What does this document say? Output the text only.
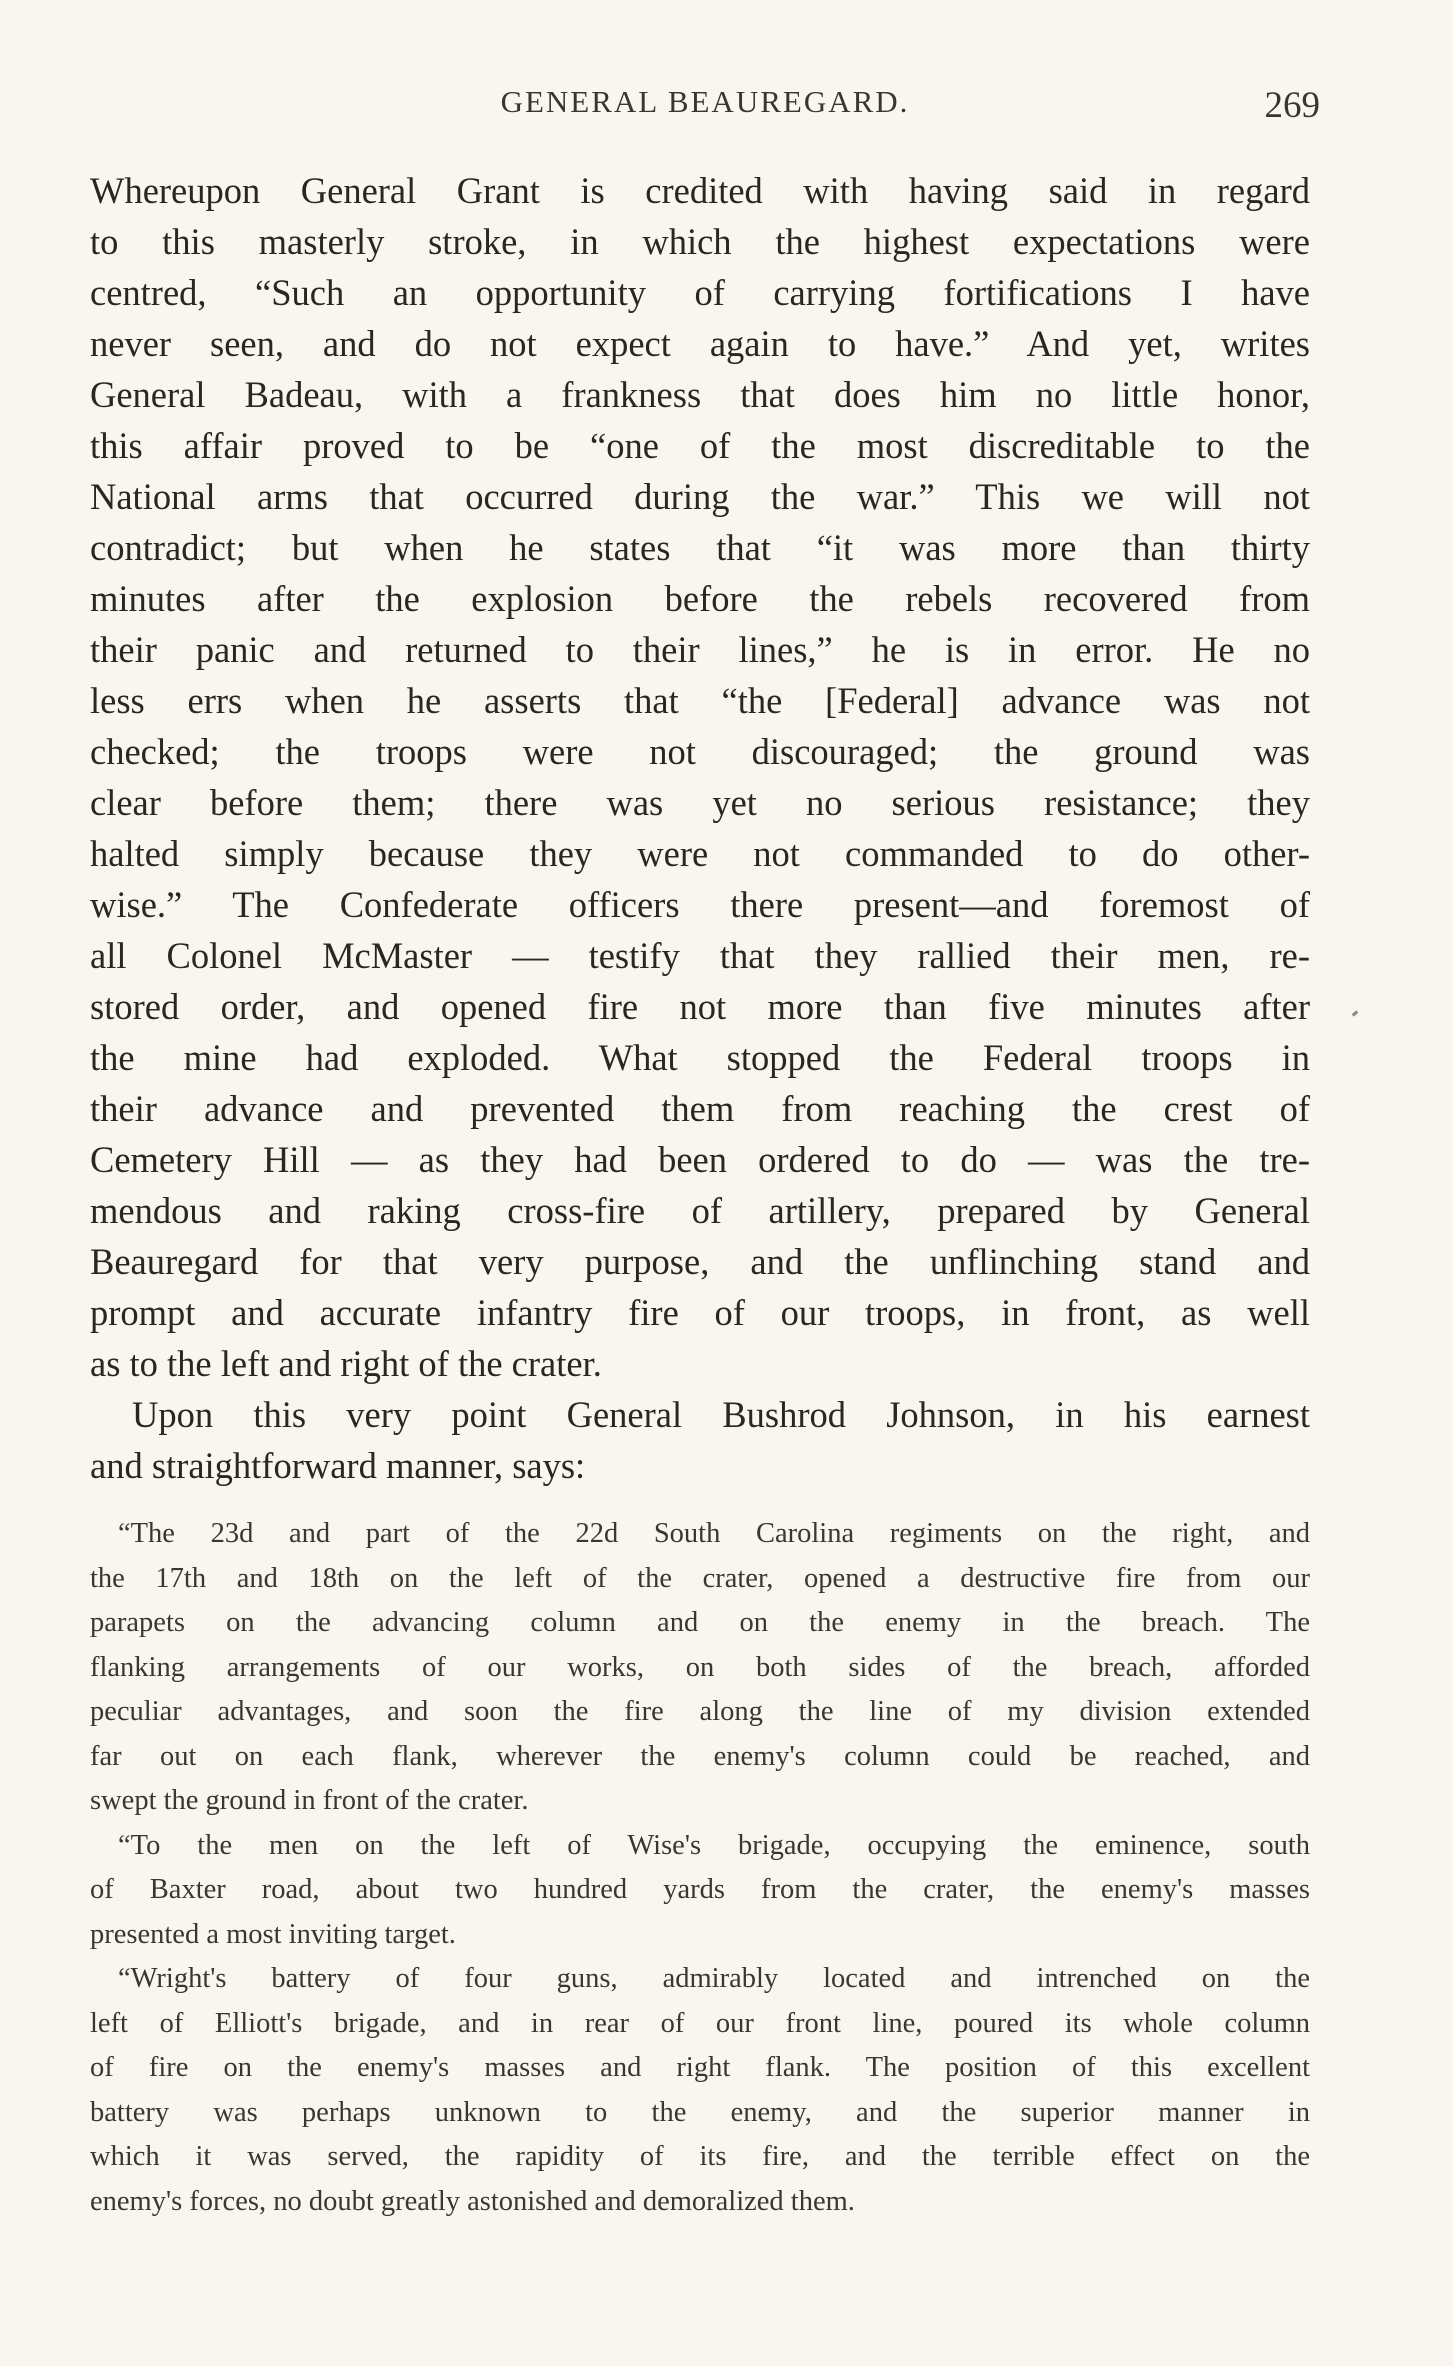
GENERAL BEAUREGARD.	269
Whereupon General Grant is credited with having said in regard
to this masterly stroke, in which the highest expectations were
centred, “Such an opportunity of carrying fortifications I have
never seen, and do not expect again to have.” And yet, writes
General Badeau, with a frankness that does him no little honor,
this affair proved to be “one of the most discreditable to the
National arms that occurred during the war.” This we will not
contradict; but when he states that “it was more than thirty
minutes after the explosion before the rebels recovered from
their panic and returned to their lines,” he is in error. He no
less errs when he asserts that “the [Federal] advance was not
checked; the troops were not discouraged; the ground was
clear before them; there was yet no serious resistance; they
halted simply because they were not commanded to do other-
wise.” The Confederate officers there present—and foremost of
all Colonel McMaster — testify that they rallied their men, re-
stored order, and opened fire not more than five minutes after
the mine had exploded. What stopped the Federal troops in
their advance and prevented them from reaching the crest of
Cemetery Hill — as they had been ordered to do — was the tre-
mendous and raking cross-fire of artillery, prepared by General
Beauregard for that very purpose, and the unflinching stand and
prompt and accurate infantry fire of our troops, in front, as well
as to the left and right of the crater.
Upon this very point General Bushrod Johnson, in his earnest
and straightforward manner, says:
“The 23d and part of the 22d South Carolina regiments on the right, and
the 17th and 18th on the left of the crater, opened a destructive fire from our
parapets on the advancing column and on the enemy in the breach. The
flanking arrangements of our works, on both sides of the breach, afforded
peculiar advantages, and soon the fire along the line of my division extended
far out on each flank, wherever the enemy's column could be reached, and
swept the ground in front of the crater.
“To the men on the left of Wise's brigade, occupying the eminence, south
of Baxter road, about two hundred yards from the crater, the enemy's masses
presented a most inviting target.
“Wright's battery of four guns, admirably located and intrenched on the
left of Elliott's brigade, and in rear of our front line, poured its whole column
of fire on the enemy's masses and right flank. The position of this excellent
battery was perhaps unknown to the enemy, and the superior manner in
which it was served, the rapidity of its fire, and the terrible effect on the
enemy's forces, no doubt greatly astonished and demoralized them.
